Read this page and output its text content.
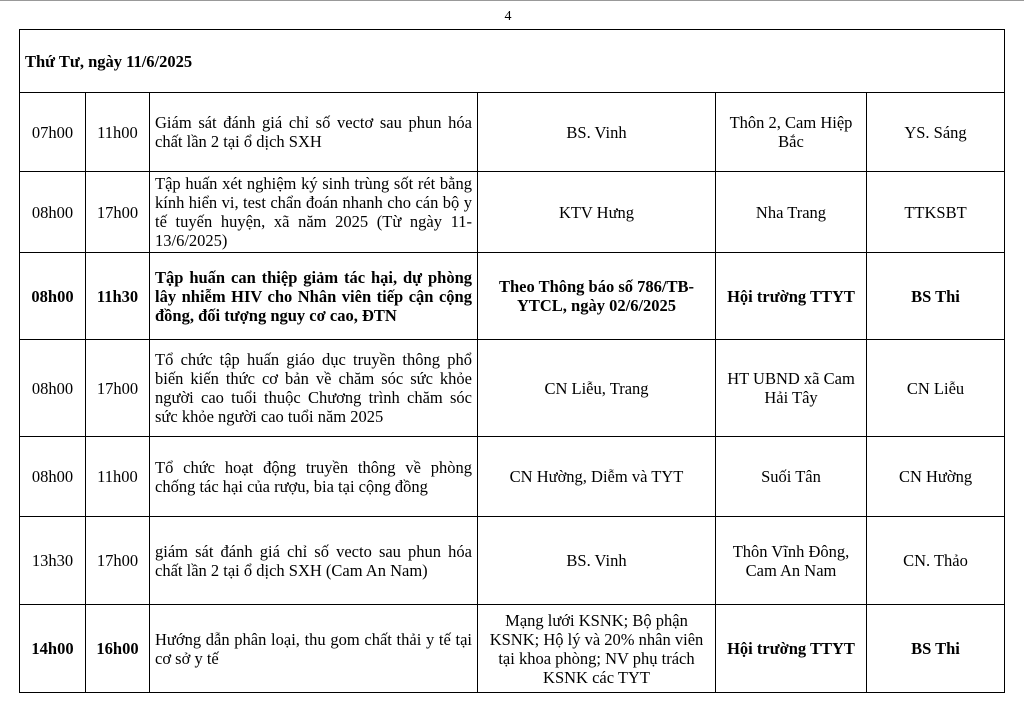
4
Thứ Tư, ngày 11/6/2025					
07h00	11h00	Giám sát đánh giá chỉ số vectơ sau phun hóa chất lần 2 tại ổ dịch SXH	BS. Vinh	Thôn 2, Cam Hiệp Bắc	YS. Sáng
08h00	17h00	Tập huấn xét nghiệm ký sinh trùng sốt rét bằng kính hiển vi, test chẩn đoán nhanh cho cán bộ y tế tuyến huyện, xã năm 2025 (Từ ngày 11-13/6/2025)	KTV Hưng	Nha Trang	TTKSBT
08h00	11h30	Tập huấn can thiệp giảm tác hại, dự phòng lây nhiễm HIV cho Nhân viên tiếp cận cộng đồng, đối tượng nguy cơ cao, ĐTN	Theo Thông báo số 786/TB-YTCL, ngày 02/6/2025	Hội trường TTYT	BS Thi
08h00	17h00	Tổ chức tập huấn giáo dục truyền thông phổ biến kiến thức cơ bản về chăm sóc sức khỏe người cao tuổi thuộc Chương trình chăm sóc sức khỏe người cao tuổi năm 2025	CN Liễu, Trang	HT UBND xã Cam Hải Tây	CN Liễu
08h00	11h00	Tổ chức hoạt động truyền thông về phòng chống tác hại của rượu, bia tại cộng đồng	CN Hường, Diễm và TYT	Suối Tân	CN Hường
13h30	17h00	giám sát đánh giá chỉ số vecto sau phun hóa chất lần 2 tại ổ dịch SXH (Cam An Nam)	BS. Vinh	Thôn Vĩnh Đông, Cam An Nam	CN. Thảo
14h00	16h00	Hướng dẫn phân loại, thu gom chất thải y tế tại cơ sở y tế	Mạng lưới KSNK; Bộ phận KSNK; Hộ lý và 20% nhân viên tại khoa phòng; NV phụ trách KSNK các TYT	Hội trường TTYT	BS Thi
